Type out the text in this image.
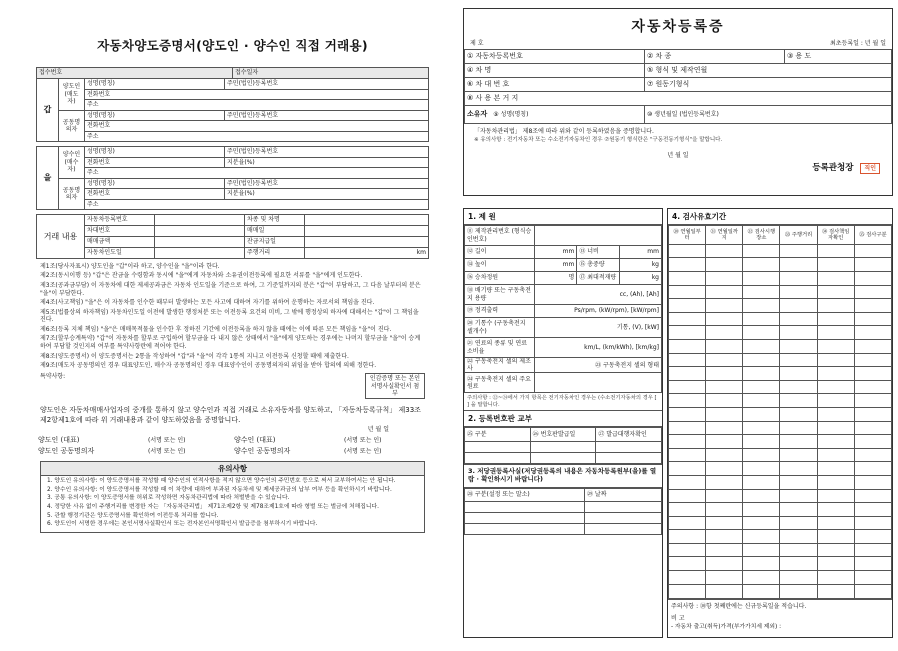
자동차양도증명서(양도인 · 양수인 직접 거래용)
접수번호	접수일자
갑	양도인(매도자)	성명(명칭)	주민(법인)등록번호
		전화번호	
		주소	
	공동명의자	성명(명칭)	주민(법인)등록번호
		전화번호	
		주소	
을	양수인(매수자)	성명(명칭)	주민(법인)등록번호
		전화번호	지분율(%)
		주소	
	공동명의자	성명(명칭)	주민(법인)등록번호
		전화번호	지분율(%)
		주소	
거래 내용	자동차등록번호		차종 및 차명	
	차대번호		매매일	
	매매금액		잔금지급일	
	자동차인도일		주행거리	km

제1조(당사자표시) 양도인을 "갑"이라 하고, 양수인을 "을"이라 한다.

제2조(동시이행 등) "갑"은 잔금을 수령함과 동시에 "을"에게 자동차와 소유권이전등록에 필요한 서류를 "을"에게 인도한다.

제3조(공과금부담) 이 자동차에 대한 제세공과금은 자동차 인도일을 기준으로 하여, 그 기준일까지의 분은 "갑"이 부담하고, 그 다음 날부터의 분은 "을"이 부담한다.

제4조(사고책임) "을"은 이 자동차를 인수한 때부터 발생하는 모든 사고에 대하여 자기를 위하여 운행하는 자로서의 책임을 진다.

제5조(법률상의 하자책임) 자동차인도일 이전에 발생한 행정처분 또는 이전등록 요건의 미비, 그 밖에 행정상의 하자에 대해서는 "갑"이 그 책임을 진다.

제6조(등록 지체 책임) "을"은 매매목적물을 인수한 후 정하진 기간에 이전등록을 하지 않을 때에는 이에 따른 모든 책임을 "을"이 진다.

제7조(할부승계특약) "갑"이 자동차를 할부로 구입하여 할부금을 다 내지 않은 상태에서 "을"에게 양도하는 경우에는 나머지 할부금을 "을"이 승계하여 부담할 것인지의 여부를 특약사항란에 적어야 한다.

제8조(양도증명서) 이 양도증명서는 2통을 작성하여 "갑"과 "을"이 각각 1통씩 지니고 이전등록 신청할 때에 제출한다.

제9조(매도자 공동명의인 경우 대표양도인, 매수자 공동명의인 경우 대표양수인이 공동명의자의 위임을 받아 합의에 의해 정한다.

특약사항:	인감증명 또는 본인서명사실확인서 첨부
양도인은 자동차매매사업자의 중개를 통하지 않고 양수인과 직접 거래로 소유자동차를 양도하고, 「자동차등록규칙」 제33조제2항제1호에 따라 위 거래내용과 같이 양도하였음을 증명합니다.
년 월 일
양도인 (대표)	(서명 또는 인)	양수인 (대표)	(서명 또는 인)
양도인 공동명의자	(서명 또는 인)	양수인 공동명의자	(서명 또는 인)
유의사항

1. 양도인 유의사항: 이 양도증명서를 작성할 때 양수인의 인적사항을 적지 않으면 양수인의 주민번호 등으로 써서 교부하여서는 안 됩니다.

2. 양수인 유의사항: 이 양도증명서를 작성할 때 이 차량에 대하여 부과된 자동차세 및 제세공과금의 납부 여부 등을 확인하시기 바랍니다.

3. 공통 유의사항: 이 양도증명서를 허위로 작성하면 자동차관리법에 따라 처벌받을 수 있습니다.

4. 정당한 사유 없이 주행거리를 변경한 자는 「자동차관리법」 제71조제2항 및 제78조제1호에 따라 형벌 또는 벌금에 처해집니다.

5. 관할 행정기관은 양도증명서를 확인하여 이전등록 처리를 합니다.

6. 양도인이 서명한 경우에는 본인서명사실확인서 또는 전자본인서명확인서 발급증을 첨부하시기 바랍니다.

자동차등록증
제 호	최초등록일 : 년 월 일
① 자동차등록번호	② 차 종	③ 용 도
④ 차 명	⑤ 형식 및 제작연월	
⑥ 차 대 번 호	⑦ 원동기형식	
⑧ 사 용 본 거 지		
소유자 ⑨ 성명(명칭)	⑩ 생년월일 (법인등록번호)	
「자동차관리법」 제8조에 따라 위와 같이 등록하였음을 증명합니다.
※ 유의사항 : 전기자동차 또는 수소전기자동차인 경우 ⑦원동기 형식란은 "구동전동기형식"을 말합니다.
년 월 일
등록관청장 직인
1. 제 원
⑪ 제작관리번호 (형식승인번호)			
⑫ 길이	mm	⑬ 너비	mm
⑭ 높이	mm	⑮ 총중량	kg
⑯ 승차정원	명	⑰ 최대적재량	kg
⑱ 배기량 또는 구동축전지 용량	cc, (Ah), [Ah]		
⑲ 정격출력	Ps/rpm, (kW/rpm), [kW/rpm]		
⑳ 기통수 (구동축전지 셀개수)	기통, (V), [kW]		
㉑ 연료의 종류 및 연료소비율	km/L, (km/kWh), [km/kg]		
㉒ 구동축전지 셀의 제조사	㉓ 구동축전지 셀의 형태		
㉔ 구동축전지 셀의 주요 원료			
주의사항 : ㉒~㉔에서 가지 항목은 전기자동차인 경우는 (수소전기자동차의 경우 [ ] 을 말합니다.
2. 등록번호판 교부
㉕ 구분	㉖ 번호판발급일	㉗ 발급대행자확인

3. 저당권등록사실(저당권등록의 내용은 자동차등록원부(을)를 열람 · 확인하시기 바랍니다)
㉘ 구분(설정 또는 말소)	㉙ 날짜

4. 검사유효기간
㉚ 연월일부터	㉛ 연월일까지	㉜ 검사시행장소	㉝ 주행거리	㉞ 검사책임자확인	㉟ 검사구분

주의사항 : ㉚항 첫째란에는 신규등록일을 적습니다.
비 고
- 자동차 출고(취득)가격(부가가치세 제외) :
